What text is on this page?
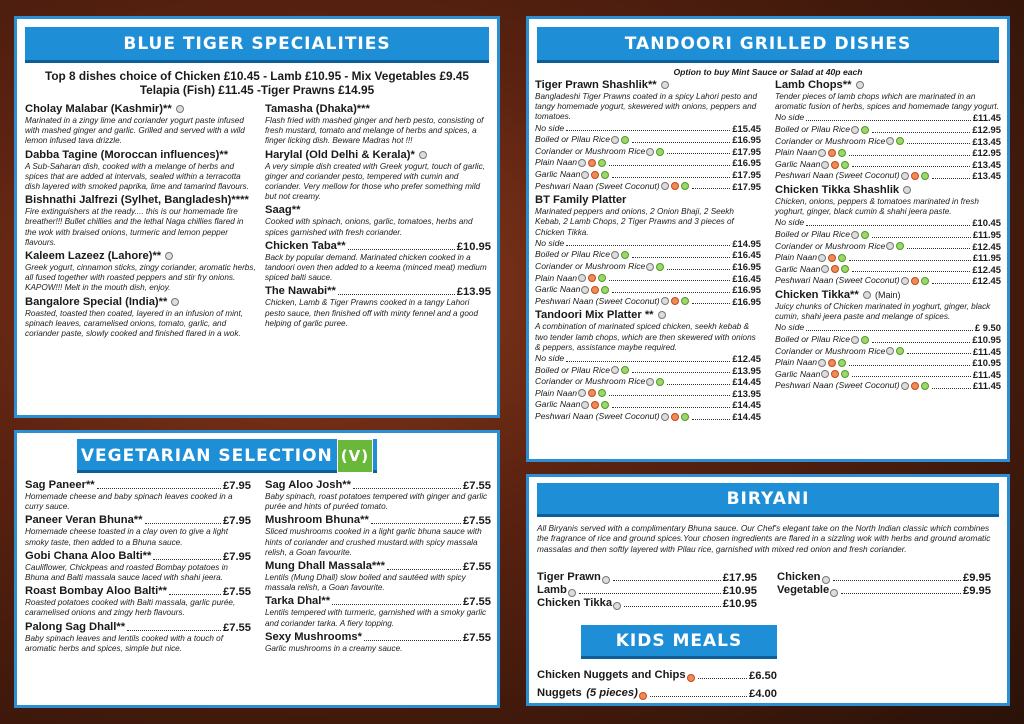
BLUE TIGER SPECIALITIES
Top 8 dishes choice of Chicken £10.45 - Lamb £10.95 - Mix Vegetables £9.45
Telapia (Fish) £11.45 -Tiger Prawns £14.95
Cholay Malabar (Kashmir)**
Marinated in a zingy lime and coriander yogurt paste infused with mashed ginger and garlic. Grilled and served with a wild lemon infused tava drizzle.
Dabba Tagine (Moroccan influences)**
A Sub-Saharan dish, cooked with a melange of herbs and spices that are added at intervals, sealed within a terracotta dish layered with smoked paprika, lime and tamarind flavours.
Bishnathi Jalfrezi (Sylhet, Bangladesh)****
Fire extinguishers at the ready.... this is our homemade fire breather!!! Bullet chillies and the lethal Naga chillies flared in the wok with braised onions, turmeric and lemon pepper flavours.
Kaleem Lazeez (Lahore)**
Greek yogurt, cinnamon sticks, zingy coriander, aromatic herbs, all fused together with roasted peppers and stir fry onions. KAPOW!!! Melt in the mouth dish, enjoy.
Bangalore Special (India)**
Roasted, toasted then coated, layered in an infusion of mint, spinach leaves, caramelised onions, tomato, garlic, and coriander paste, slowly cooked and finished flared in a wok.
Tamasha (Dhaka)***
Flash fried with mashed ginger and herb pesto, consisting of fresh mustard, tomato and melange of herbs and spices, a finger licking dish. Beware Madras hot !!!
Harylal (Old Delhi & Kerala)*
A very simple dish created with Greek yogurt, touch of garlic, ginger and coriander pesto, tempered with cumin and coriander. Very mellow for those who prefer something mild but not creamy.
Saag**
Cooked with spinach, onions, garlic, tomatoes, herbs and spices garnished with fresh coriander.
Chicken Taba**	£10.95
Back by popular demand. Marinated chicken cooked in a tandoori oven then added to a keema (minced meat) medium spiced balti sauce.
The Nawabi**	£13.95
Chicken, Lamb & Tiger Prawns cooked in a tangy Lahori pesto sauce, then finished off with minty fennel and a good helping of garlic puree.
TANDOORI GRILLED DISHES
Option to buy Mint Sauce or Salad at 40p each
Tiger Prawn Shashlik**
Bangladeshi Tiger Prawns coated in a spicy Lahori pesto and tangy homemade yogurt, skewered with onions, peppers and tomatoes.
No side	£15.45
Boiled or Pilau Rice	£16.95
Coriander or Mushroom Rice	£17.95
Plain Naan	£16.95
Garlic Naan	£17.95
Peshwari Naan (Sweet Coconut)	£17.95
BT Family Platter
Marinated peppers and onions, 2 Onion Bhaji, 2 Seekh Kebab, 2 Lamb Chops, 2 Tiger Prawns and 3 pieces of Chicken Tikka.
No side	£14.95
Boiled or Pilau Rice	£16.45
Coriander or Mushroom Rice	£16.95
Plain Naan	£16.45
Garlic Naan	£16.95
Peshwari Naan (Sweet Coconut)	£16.95
Tandoori Mix Platter **
A combination of marinated spiced chicken, seekh kebab & two tender lamb chops, which are then skewered with onions & peppers, assistance maybe required.
No side	£12.45
Boiled or Pilau Rice	£13.95
Coriander or Mushroom Rice	£14.45
Plain Naan	£13.95
Garlic Naan	£14.45
Peshwari Naan (Sweet Coconut)	£14.45
Lamb Chops**
Tender pieces of lamb chops which are marinated in an aromatic fusion of herbs, spices and homemade tangy yogurt.
No side	£11.45
Boiled or Pilau Rice	£12.95
Coriander or Mushroom Rice	£13.45
Plain Naan	£12.95
Garlic Naan	£13.45
Peshwari Naan (Sweet Coconut)	£13.45
Chicken Tikka Shashlik
Chicken, onions, peppers & tomatoes marinated in fresh yoghurt, ginger, black cumin & shahi jeera paste.
No side	£10.45
Boiled or Pilau Rice	£11.95
Coriander or Mushroom Rice	£12.45
Plain Naan	£11.95
Garlic Naan	£12.45
Peshwari Naan (Sweet Coconut)	£12.45
Chicken Tikka** (Main)
Juicy chunks of Chicken marinated in yoghurt, ginger, black cumin, shahi jeera paste and melange of spices.
No side	£ 9.50
Boiled or Pilau Rice	£10.95
Coriander or Mushroom Rice	£11.45
Plain Naan	£10.95
Garlic Naan	£11.45
Peshwari Naan (Sweet Coconut)	£11.45
VEGETARIAN SELECTION (V)
Sag Paneer**	£7.95
Homemade cheese and baby spinach leaves cooked in a curry sauce.
Paneer Veran Bhuna**	£7.95
Homemade cheese toasted in a clay oven to give a light smoky taste, then added to a Bhuna sauce.
Gobi Chana Aloo Balti**	£7.95
Cauliflower, Chickpeas and roasted Bombay potatoes in Bhuna and Balti massala sauce laced with shahi jeera.
Roast Bombay Aloo Balti**	£7.55
Roasted potatoes cooked with Balti massala, garlic purée, caramelised onions and zingy herb flavours.
Palong Sag Dhall**	£7.55
Baby spinach leaves and lentils cooked with a touch of aromatic herbs and spices, simple but nice.
Sag Aloo Josh**	£7.55
Baby spinach, roast potatoes tempered with ginger and garlic purée and hints of puréed tomato.
Mushroom Bhuna**	£7.55
Sliced mushrooms cooked in a light garlic bhuna sauce with hints of coriander and crushed mustard.with spicy massala relish, a Goan favourite.
Mung Dhall Massala***	£7.55
Lentils (Mung Dhall) slow boiled and sautéed with spicy massala relish, a Goan favourite.
Tarka Dhal**	£7.55
Lentils tempered with turmeric, garnished with a smoky garlic and coriander tarka. A fiery topping.
Sexy Mushrooms*	£7.55
Garlic mushrooms in a creamy sauce.
BIRYANI
All Biryanis served with a complimentary Bhuna sauce. Our Chef's elegant take on the North Indian classic which combines the fragrance of rice and ground spices.Your chosen ingredients are flared in a sizzling wok with herbs and ground aromatic massalas and then softly layered with Pilau rice, garnished with mixed red onion and fresh coriander.
Tiger Prawn	£17.95
Lamb	£10.95
Chicken Tikka	£10.95
Chicken	£9.95
Vegetable	£9.95
KIDS MEALS
Chicken Nuggets and Chips	£6.50
Nuggets
(5 pieces)	£4.00
